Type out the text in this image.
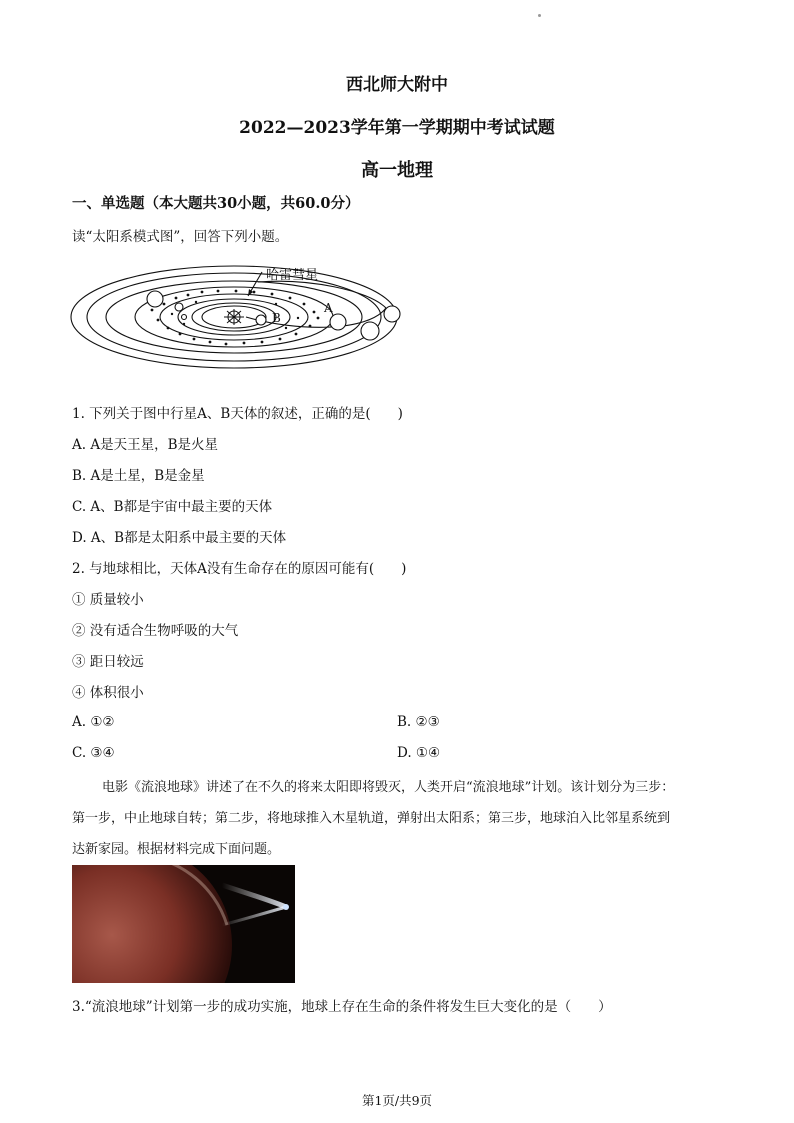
西北师大附中
2022—2023学年第一学期期中考试试题
高一地理
一、单选题（本大题共30小题，共60.0分）
读“太阳系模式图”，回答下列小题。
哈雷彗星
A
B
1. 下列关于图中行星A、B天体的叙述，正确的是(　　)
A. A是天王星，B是火星
B. A是土星，B是金星
C. A、B都是宇宙中最主要的天体
D. A、B都是太阳系中最主要的天体
2. 与地球相比，天体A没有生命存在的原因可能有(　　)
① 质量较小
② 没有适合生物呼吸的大气
③ 距日较远
④ 体积很小
A. ①②	B. ②③
C. ③④	D. ①④
电影《流浪地球》讲述了在不久的将来太阳即将毁灭，人类开启“流浪地球”计划。该计划分为三步：
第一步，中止地球自转；第二步，将地球推入木星轨道，弹射出太阳系；第三步，地球泊入比邻星系统到
达新家园。根据材料完成下面问题。
3.“流浪地球”计划第一步的成功实施，地球上存在生命的条件将发生巨大变化的是（　　）
第1页/共9页
